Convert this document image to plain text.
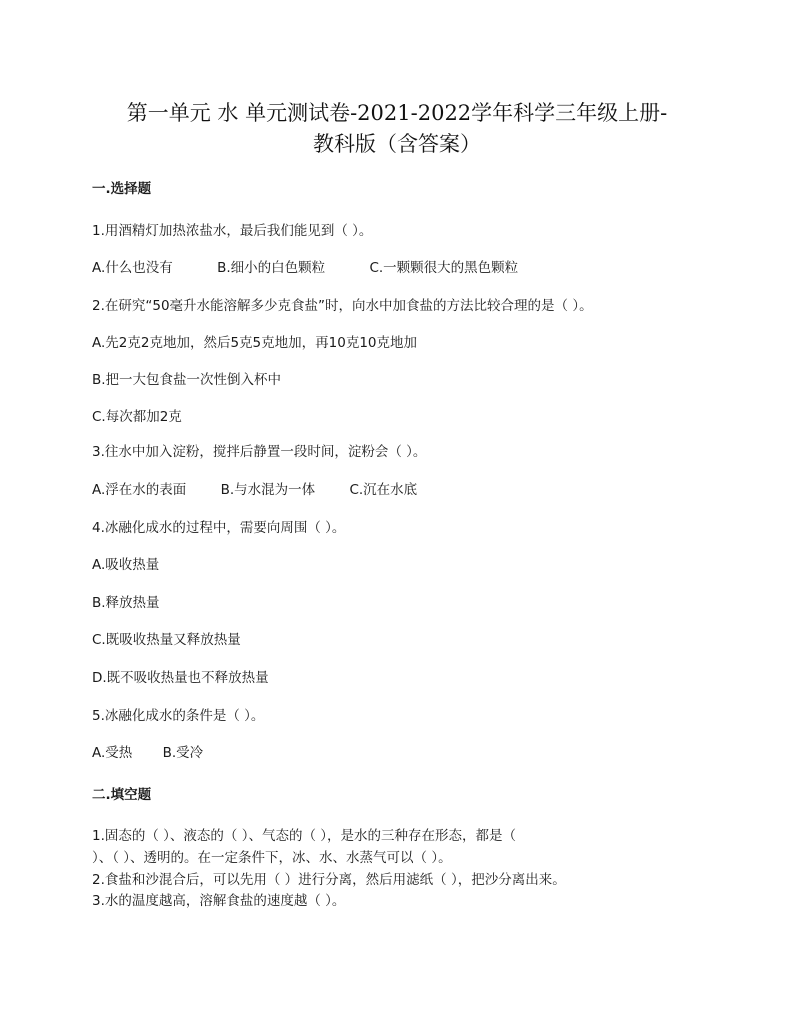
第一单元 水 单元测试卷-2021-2022学年科学三年级上册-
教科版（含答案）
一.选择题
1.用酒精灯加热浓盐水，最后我们能见到（ ）。
A.什么也没有	B.细小的白色颗粒	C.一颗颗很大的黑色颗粒
2.在研究“50毫升水能溶解多少克食盐”时，向水中加食盐的方法比较合理的是（ ）。
A.先2克2克地加，然后5克5克地加，再10克10克地加
B.把一大包食盐一次性倒入杯中
C.每次都加2克
3.往水中加入淀粉，搅拌后静置一段时间，淀粉会（ ）。
A.浮在水的表面	B.与水混为一体	C.沉在水底
4.冰融化成水的过程中，需要向周围（ ）。
A.吸收热量
B.释放热量
C.既吸收热量又释放热量
D.既不吸收热量也不释放热量
5.冰融化成水的条件是（ ）。
A.受热 B.受冷
二.填空题
1.固态的（ ）、液态的（ ）、气态的（ ），是水的三种存在形态，都是（
）、（ ）、透明的。在一定条件下，冰、水、水蒸气可以（ ）。
2.食盐和沙混合后，可以先用（ ）进行分离，然后用滤纸（ ），把沙分离出来。
3.水的温度越高，溶解食盐的速度越（ ）。
